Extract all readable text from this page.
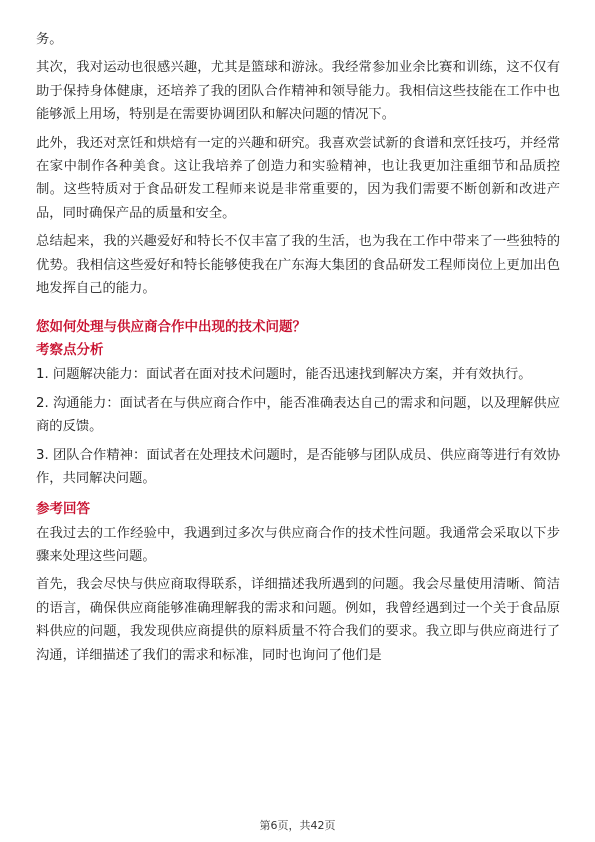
务。

其次，我对运动也很感兴趣，尤其是篮球和游泳。我经常参加业余比赛和训练，这不仅有助于保持身体健康，还培养了我的团队合作精神和领导能力。我相信这些技能在工作中也能够派上用场，特别是在需要协调团队和解决问题的情况下。

此外，我还对烹饪和烘焙有一定的兴趣和研究。我喜欢尝试新的食谱和烹饪技巧，并经常在家中制作各种美食。这让我培养了创造力和实验精神，也让我更加注重细节和品质控制。这些特质对于食品研发工程师来说是非常重要的，因为我们需要不断创新和改进产品，同时确保产品的质量和安全。

总结起来，我的兴趣爱好和特长不仅丰富了我的生活，也为我在工作中带来了一些独特的优势。我相信这些爱好和特长能够使我在广东海大集团的食品研发工程师岗位上更加出色地发挥自己的能力。

您如何处理与供应商合作中出现的技术问题？
考察点分析

1. 问题解决能力：面试者在面对技术问题时，能否迅速找到解决方案，并有效执行。

2. 沟通能力：面试者在与供应商合作中，能否准确表达自己的需求和问题，以及理解供应商的反馈。

3. 团队合作精神：面试者在处理技术问题时，是否能够与团队成员、供应商等进行有效协作，共同解决问题。

参考回答

在我过去的工作经验中，我遇到过多次与供应商合作的技术性问题。我通常会采取以下步骤来处理这些问题。

首先，我会尽快与供应商取得联系，详细描述我所遇到的问题。我会尽量使用清晰、简洁的语言，确保供应商能够准确理解我的需求和问题。例如，我曾经遇到过一个关于食品原料供应的问题，我发现供应商提供的原料质量不符合我们的要求。我立即与供应商进行了沟通，详细描述了我们的需求和标准，同时也询问了他们是

第6页，共42页
